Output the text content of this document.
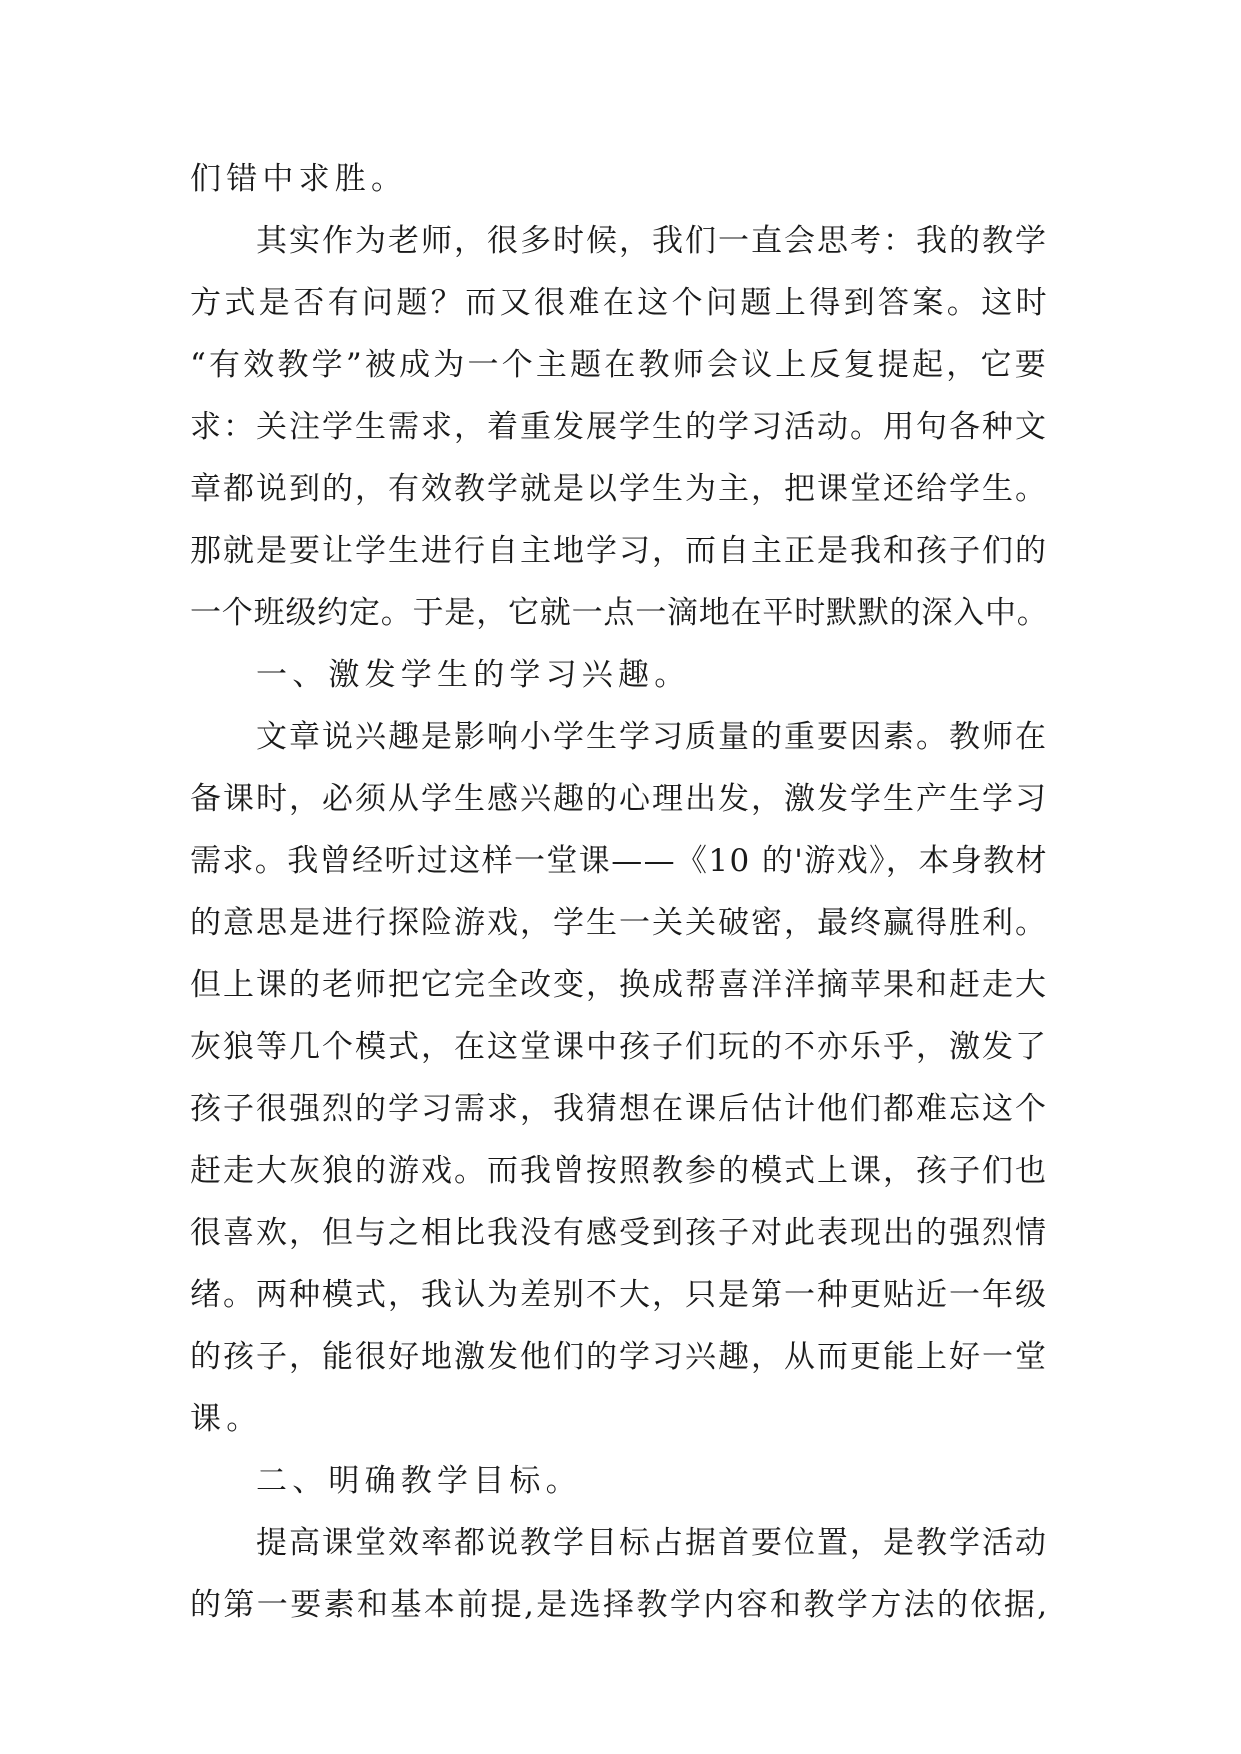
们错中求胜。
其实作为老师，很多时候，我们一直会思考：我的教学
方式是否有问题？而又很难在这个问题上得到答案。这时
“有效教学”被成为一个主题在教师会议上反复提起，它要
求：关注学生需求，着重发展学生的学习活动。用句各种文
章都说到的，有效教学就是以学生为主，把课堂还给学生。
那就是要让学生进行自主地学习，而自主正是我和孩子们的
一个班级约定。于是，它就一点一滴地在平时默默的深入中。
一、激发学生的学习兴趣。
文章说兴趣是影响小学生学习质量的重要因素。教师在
备课时，必须从学生感兴趣的心理出发，激发学生产生学习
需求。我曾经听过这样一堂课——《10 的'游戏》，本身教材
的意思是进行探险游戏，学生一关关破密，最终赢得胜利。
但上课的老师把它完全改变，换成帮喜洋洋摘苹果和赶走大
灰狼等几个模式，在这堂课中孩子们玩的不亦乐乎，激发了
孩子很强烈的学习需求，我猜想在课后估计他们都难忘这个
赶走大灰狼的游戏。而我曾按照教参的模式上课，孩子们也
很喜欢，但与之相比我没有感受到孩子对此表现出的强烈情
绪。两种模式，我认为差别不大，只是第一种更贴近一年级
的孩子，能很好地激发他们的学习兴趣，从而更能上好一堂
课。
二、明确教学目标。
提高课堂效率都说教学目标占据首要位置，是教学活动
的第一要素和基本前提,是选择教学内容和教学方法的依据,
